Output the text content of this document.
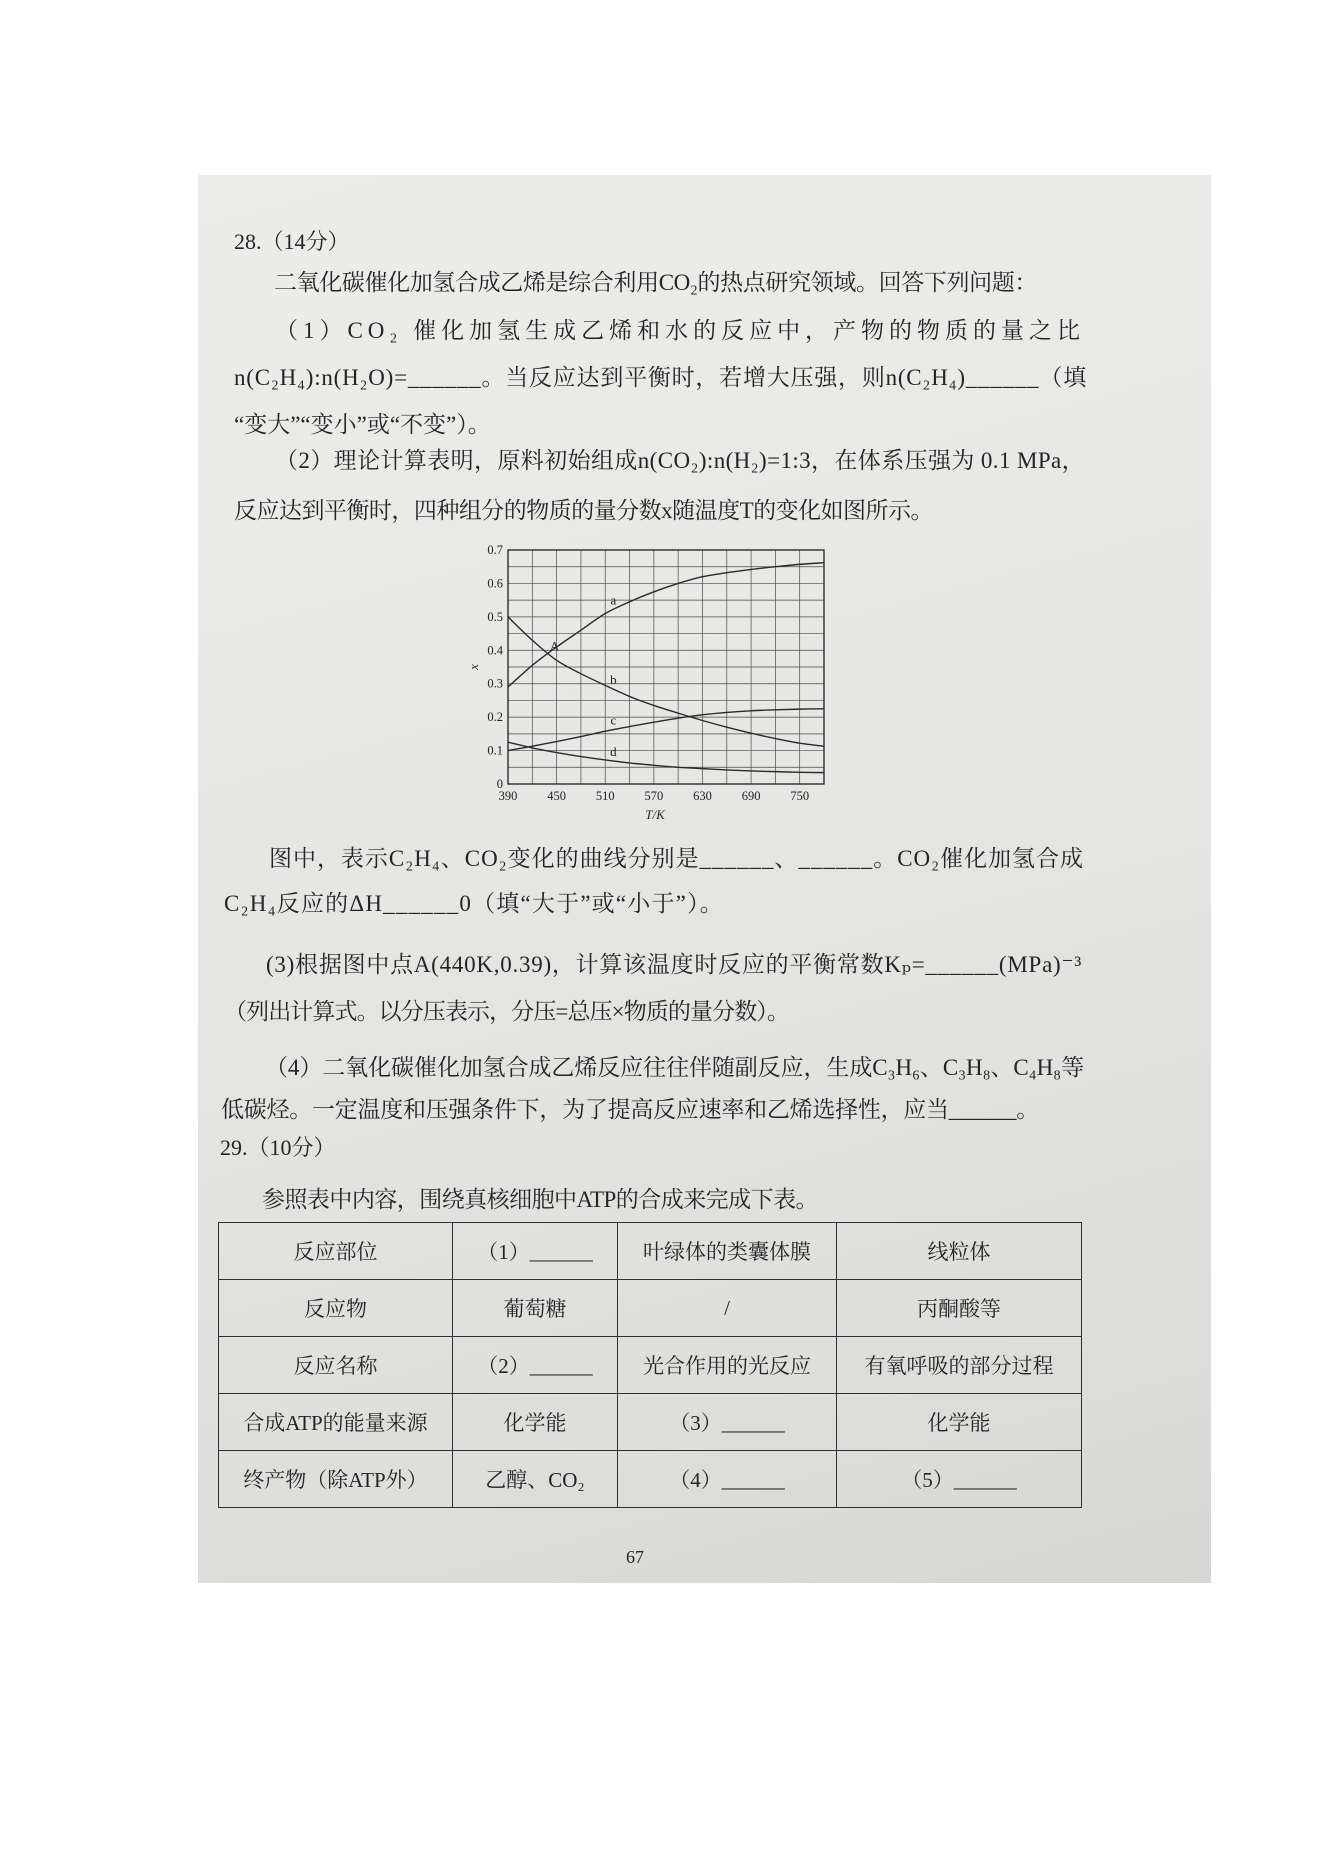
28.（14分）
二氧化碳催化加氢合成乙烯是综合利用CO₂的热点研究领域。回答下列问题：
（1）CO₂ 催化加氢生成乙烯和水的反应中，产物的物质的量之比
n(C₂H₄):n(H₂O)=______。当反应达到平衡时，若增大压强，则n(C₂H₄)______（填
“变大”“变小”或“不变”）。
（2）理论计算表明，原料初始组成n(CO₂):n(H₂)=1:3，在体系压强为 0.1 MPa，
反应达到平衡时，四种组分的物质的量分数x随温度T的变化如图所示。
390 450 510 570 630 690 750
0
0.1
0.2
0.3
0.4
0.5
0.6
0.7
a
b
c
d
A
T/K
x
图中，表示C₂H₄、CO₂变化的曲线分别是______、______。CO₂催化加氢合成
C₂H₄反应的ΔH______0（填“大于”或“小于”）。
(3)根据图中点A(440K,0.39)，计算该温度时反应的平衡常数Kₚ=______(MPa)⁻³
（列出计算式。以分压表示，分压=总压×物质的量分数）。
（4）二氧化碳催化加氢合成乙烯反应往往伴随副反应，生成C₃H₆、C₃H₈、C₄H₈等
低碳烃。一定温度和压强条件下，为了提高反应速率和乙烯选择性，应当______。
29.（10分）
参照表中内容，围绕真核细胞中ATP的合成来完成下表。
反应部位	（1）______	叶绿体的类囊体膜	线粒体
反应物	葡萄糖	/	丙酮酸等
反应名称	（2）______	光合作用的光反应	有氧呼吸的部分过程
合成ATP的能量来源	化学能	（3）______	化学能
终产物（除ATP外）	乙醇、CO₂	（4）______	（5）______
67
